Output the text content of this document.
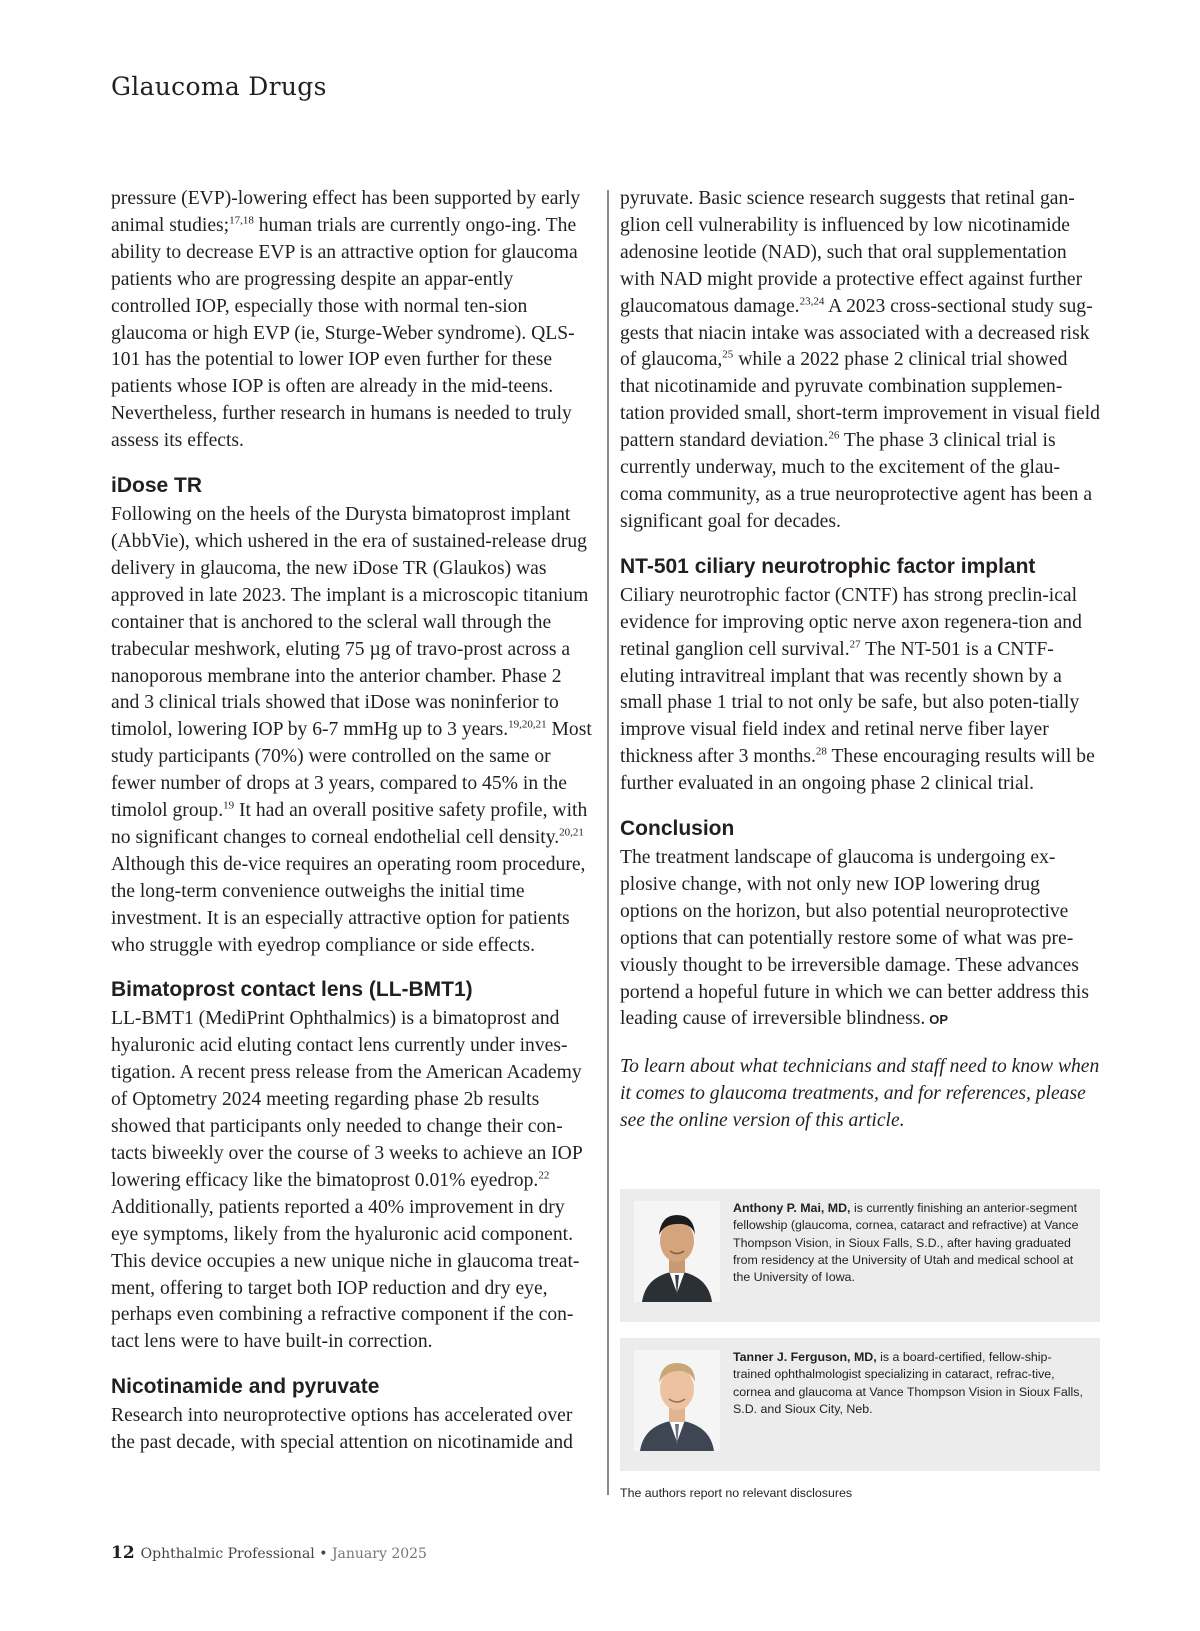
Glaucoma Drugs

pressure (EVP)-lowering effect has been supported by early animal studies;$^{17,18}$ human trials are currently ongo-ing. The ability to decrease EVP is an attractive option for glaucoma patients who are progressing despite an appar-ently controlled IOP, especially those with normal ten-sion glaucoma or high EVP (ie, Sturge-Weber syndrome). QLS-101 has the potential to lower IOP even further for these patients whose IOP is often are already in the mid-teens. Nevertheless, further research in humans is needed to truly assess its effects.

iDose TR

Following on the heels of the Durysta bimatoprost implant (AbbVie), which ushered in the era of sustained-release drug delivery in glaucoma, the new iDose TR (Glaukos) was approved in late 2023. The implant is a microscopic titanium container that is anchored to the scleral wall through the trabecular meshwork, eluting 75 µg of travo-prost across a nanoporous membrane into the anterior chamber. Phase 2 and 3 clinical trials showed that iDose was noninferior to timolol, lowering IOP by 6-7 mmHg up to 3 years.$^{19,20,21}$ Most study participants (70%) were controlled on the same or fewer number of drops at 3 years, compared to 45% in the timolol group.$^{19}$ It had an overall positive safety profile, with no significant changes to corneal endothelial cell density.$^{20,21}$ Although this de-vice requires an operating room procedure, the long-term convenience outweighs the initial time investment. It is an especially attractive option for patients who struggle with eyedrop compliance or side effects.

Bimatoprost contact lens (LL-BMT1)

LL-BMT1 (MediPrint Ophthalmics) is a bimatoprost and hyaluronic acid eluting contact lens currently under inves-tigation. A recent press release from the American Academy of Optometry 2024 meeting regarding phase 2b results showed that participants only needed to change their con-tacts biweekly over the course of 3 weeks to achieve an IOP lowering efficacy like the bimatoprost 0.01% eyedrop.$^{22}$ Additionally, patients reported a 40% improvement in dry eye symptoms, likely from the hyaluronic acid component. This device occupies a new unique niche in glaucoma treat-ment, offering to target both IOP reduction and dry eye, perhaps even combining a refractive component if the con-tact lens were to have built-in correction.

Nicotinamide and pyruvate

Research into neuroprotective options has accelerated over the past decade, with special attention on nicotinamide and

pyruvate. Basic science research suggests that retinal gan-glion cell vulnerability is influenced by low nicotinamide adenosine leotide (NAD), such that oral supplementation with NAD might provide a protective effect against further glaucomatous damage.$^{23,24}$ A 2023 cross-sectional study sug-gests that niacin intake was associated with a decreased risk of glaucoma,$^{25}$ while a 2022 phase 2 clinical trial showed that nicotinamide and pyruvate combination supplemen-tation provided small, short-term improvement in visual field pattern standard deviation.$^{26}$ The phase 3 clinical trial is currently underway, much to the excitement of the glau-coma community, as a true neuroprotective agent has been a significant goal for decades.

NT-501 ciliary neurotrophic factor implant

Ciliary neurotrophic factor (CNTF) has strong preclin-ical evidence for improving optic nerve axon regenera-tion and retinal ganglion cell survival.$^{27}$ The NT-501 is a CNTF-eluting intravitreal implant that was recently shown by a small phase 1 trial to not only be safe, but also poten-tially improve visual field index and retinal nerve fiber layer thickness after 3 months.$^{28}$ These encouraging results will be further evaluated in an ongoing phase 2 clinical trial.

Conclusion

The treatment landscape of glaucoma is undergoing ex-plosive change, with not only new IOP lowering drug options on the horizon, but also potential neuroprotective options that can potentially restore some of what was pre-viously thought to be irreversible damage. These advances portend a hopeful future in which we can better address this leading cause of irreversible blindness. OP

To learn about what technicians and staff need to know when it comes to glaucoma treatments, and for references, please see the online version of this article.

Anthony P. Mai, MD, is currently finishing an anterior-segment fellowship (glaucoma, cornea, cataract and refractive) at Vance Thompson Vision, in Sioux Falls, S.D., after having graduated from residency at the University of Utah and medical school at the University of Iowa.
Tanner J. Ferguson, MD, is a board-certified, fellow-ship-trained ophthalmologist specializing in cataract, refrac-tive, cornea and glaucoma at Vance Thompson Vision in Sioux Falls, S.D. and Sioux City, Neb.
The authors report no relevant disclosures
12 Ophthalmic Professional • January 2025
